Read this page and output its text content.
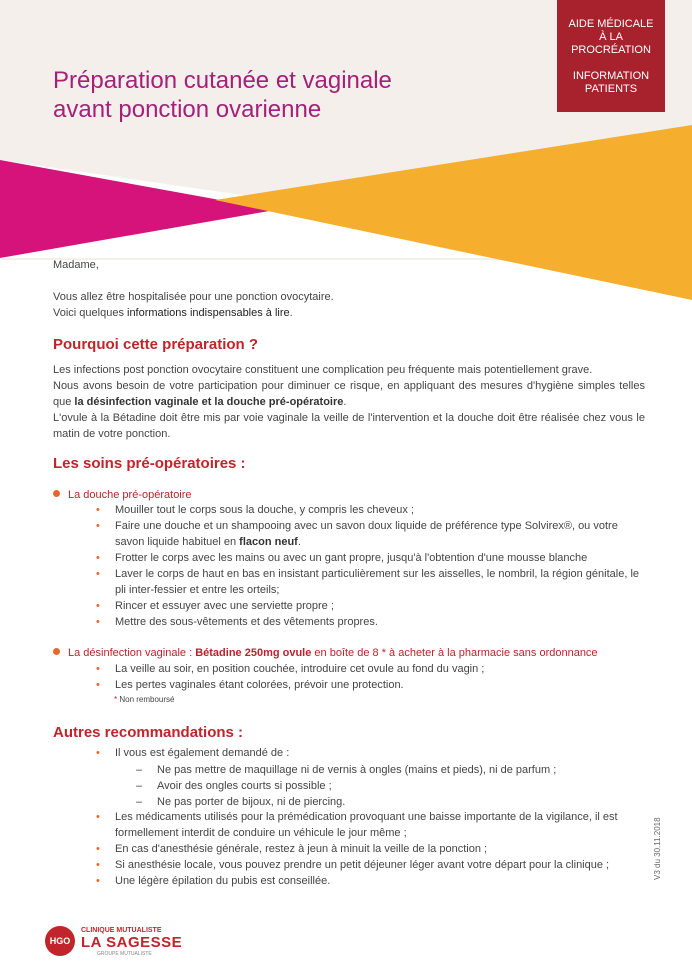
AIDE MÉDICALE
À LA
PROCRÉATION
INFORMATION
PATIENTS
Préparation cutanée et vaginale
avant ponction ovarienne
Madame,
Vous allez être hospitalisée pour une ponction ovocytaire.
Voici quelques informations indispensables à lire.
Pourquoi cette préparation ?
Les infections post ponction ovocytaire constituent une complication peu fréquente mais potentiellement grave.
Nous avons besoin de votre participation pour diminuer ce risque, en appliquant des mesures d'hygiène simples telles que la désinfection vaginale et la douche pré-opératoire.
L'ovule à la Bétadine doit être mis par voie vaginale la veille de l'intervention et la douche doit être réalisée chez vous le matin de votre ponction.
Les soins pré-opératoires :
La douche pré-opératoire
• Mouiller tout le corps sous la douche, y compris les cheveux ;
• Faire une douche et un shampooing avec un savon doux liquide de préférence type Solvirex®, ou votre savon liquide habituel en flacon neuf.
• Frotter le corps avec les mains ou avec un gant propre, jusqu'à l'obtention d'une mousse blanche
• Laver le corps de haut en bas en insistant particulièrement sur les aisselles, le nombril, la région génitale, le pli inter-fessier et entre les orteils;
• Rincer et essuyer avec une serviette propre ;
• Mettre des sous-vêtements et des vêtements propres.
La désinfection vaginale : Bétadine 250mg ovule en boîte de 8 * à acheter à la pharmacie sans ordonnance
• La veille au soir, en position couchée, introduire cet ovule au fond du vagin ;
• Les pertes vaginales étant colorées, prévoir une protection.
* Non remboursé
Autres recommandations :
• Il vous est également demandé de :
– Ne pas mettre de maquillage ni de vernis à ongles (mains et pieds), ni de parfum ;
– Avoir des ongles courts si possible ;
– Ne pas porter de bijoux, ni de piercing.
• Les médicaments utilisés pour la prémédication provoquant une baisse importante de la vigilance, il est formellement interdit de conduire un véhicule le jour même ;
• En cas d'anesthésie générale, restez à jeun à minuit la veille de la ponction ;
• Si anesthésie locale, vous pouvez prendre un petit déjeuner léger avant votre départ pour la clinique ;
• Une légère épilation du pubis est conseillée.
V3 du 30.11.2018
HGO
CLINIQUE MUTUALISTE
LA SAGESSE
GROUPE MUTUALISTE
